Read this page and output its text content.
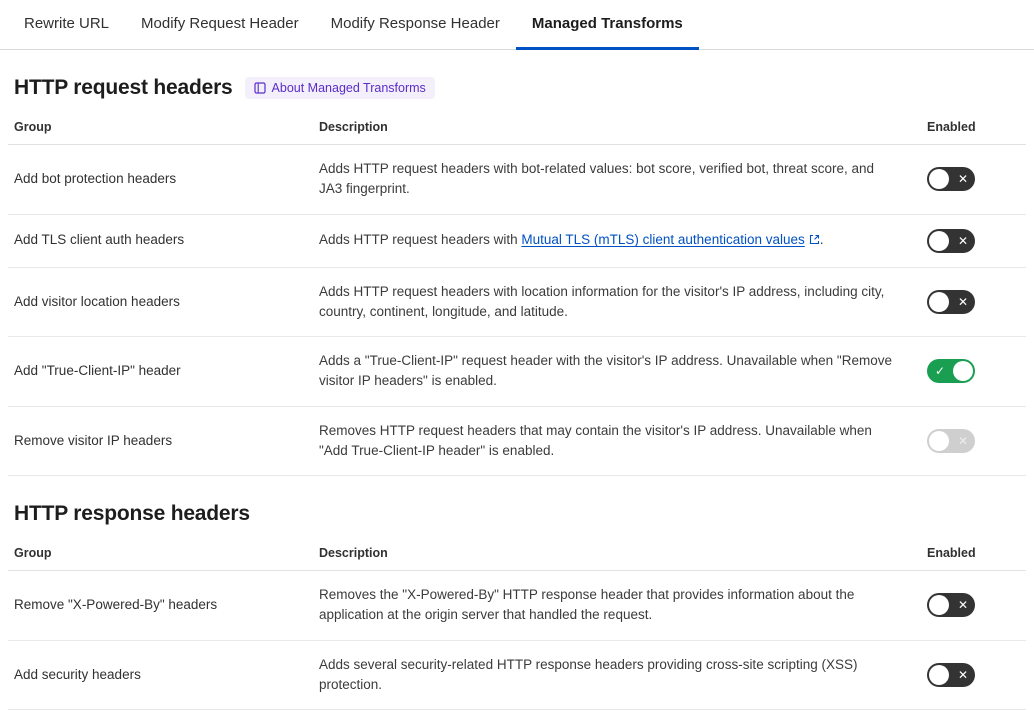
Rewrite URL Modify Request Header Modify Response Header Managed Transforms
HTTP request headers	About Managed Transforms
Group	Description	Enabled
Add bot protection headers	Adds HTTP request headers with bot-related values: bot score, verified bot, threat score, and JA3 fingerprint.	✕

Add TLS client auth headers	Adds HTTP request headers with Mutual TLS (mTLS) client authentication values .	✕

Add visitor location headers	Adds HTTP request headers with location information for the visitor's IP address, including city, country, continent, longitude, and latitude.	✕

Add "True-Client-IP" header	Adds a "True-Client-IP" request header with the visitor's IP address. Unavailable when "Remove visitor IP headers" is enabled.	✓

Remove visitor IP headers	Removes HTTP request headers that may contain the visitor's IP address. Unavailable when "Add True-Client-IP header" is enabled.	✕
HTTP response headers
Group	Description	Enabled
Remove "X-Powered-By" headers	Removes the "X-Powered-By" HTTP response header that provides information about the application at the origin server that handled the request.	✕

Add security headers	Adds several security-related HTTP response headers providing cross-site scripting (XSS) protection.	✕
